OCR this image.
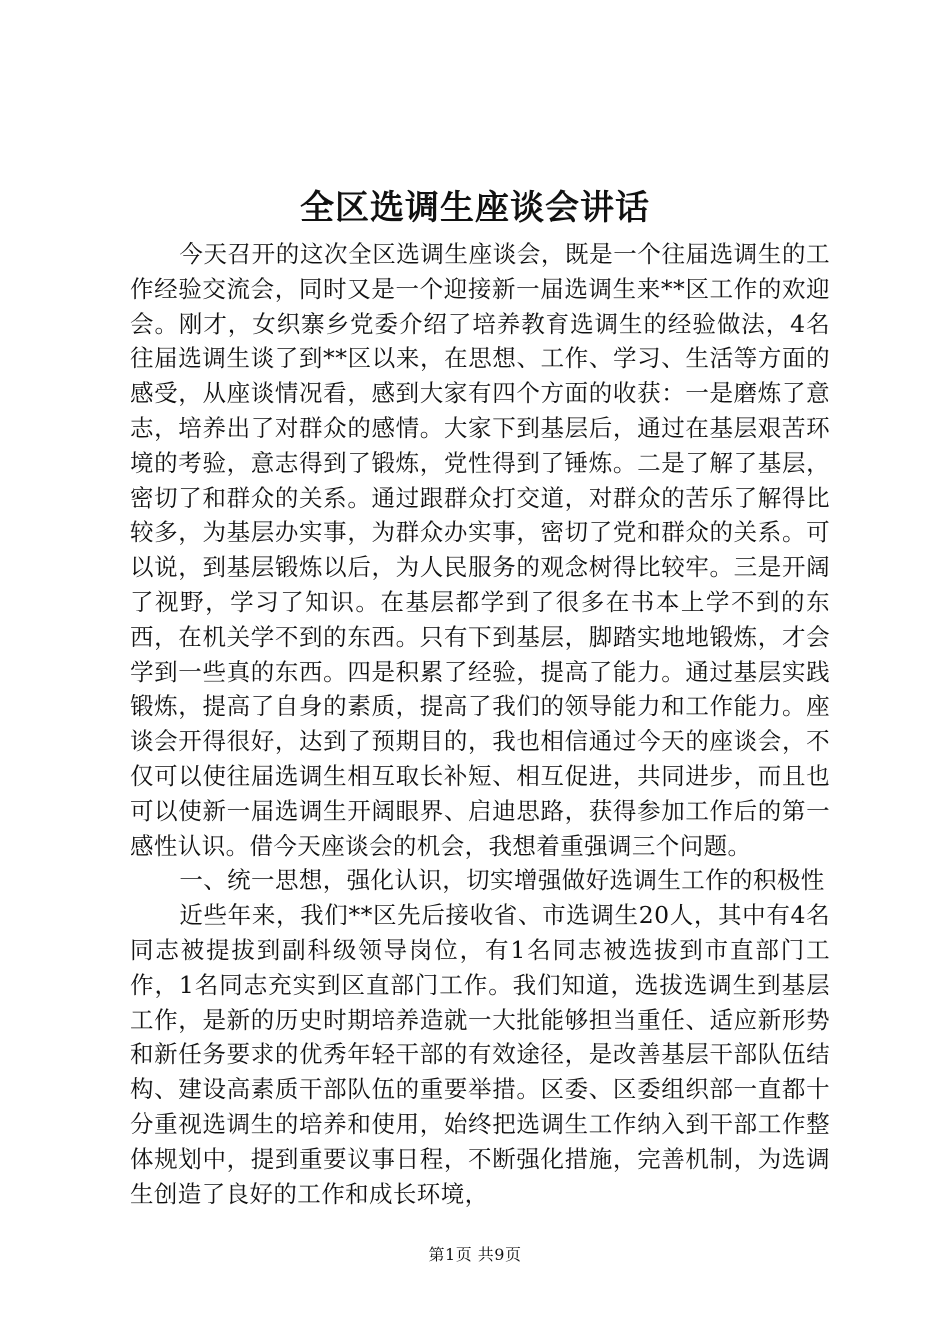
全区选调生座谈会讲话

今天召开的这次全区选调生座谈会，既是一个往届选调生的工作经验交流会，同时又是一个迎接新一届选调生来**区工作的欢迎会。刚才，女织寨乡党委介绍了培养教育选调生的经验做法，4名往届选调生谈了到**区以来，在思想、工作、学习、生活等方面的感受，从座谈情况看，感到大家有四个方面的收获：一是磨炼了意志，培养出了对群众的感情。大家下到基层后，通过在基层艰苦环境的考验，意志得到了锻炼，党性得到了锤炼。二是了解了基层，密切了和群众的关系。通过跟群众打交道，对群众的苦乐了解得比较多，为基层办实事，为群众办实事，密切了党和群众的关系。可以说，到基层锻炼以后，为人民服务的观念树得比较牢。三是开阔了视野，学习了知识。在基层都学到了很多在书本上学不到的东西，在机关学不到的东西。只有下到基层，脚踏实地地锻炼，才会学到一些真的东西。四是积累了经验，提高了能力。通过基层实践锻炼，提高了自身的素质，提高了我们的领导能力和工作能力。座谈会开得很好，达到了预期目的，我也相信通过今天的座谈会，不仅可以使往届选调生相互取长补短、相互促进，共同进步，而且也可以使新一届选调生开阔眼界、启迪思路，获得参加工作后的第一感性认识。借今天座谈会的机会，我想着重强调三个问题。

一、统一思想，强化认识，切实增强做好选调生工作的积极性

近些年来，我们**区先后接收省、市选调生20人，其中有4名同志被提拔到副科级领导岗位，有1名同志被选拔到市直部门工作，1名同志充实到区直部门工作。我们知道，选拔选调生到基层工作，是新的历史时期培养造就一大批能够担当重任、适应新形势和新任务要求的优秀年轻干部的有效途径，是改善基层干部队伍结构、建设高素质干部队伍的重要举措。区委、区委组织部一直都十分重视选调生的培养和使用，始终把选调生工作纳入到干部工作整体规划中，提到重要议事日程，不断强化措施，完善机制，为选调生创造了良好的工作和成长环境，

第1页 共9页
